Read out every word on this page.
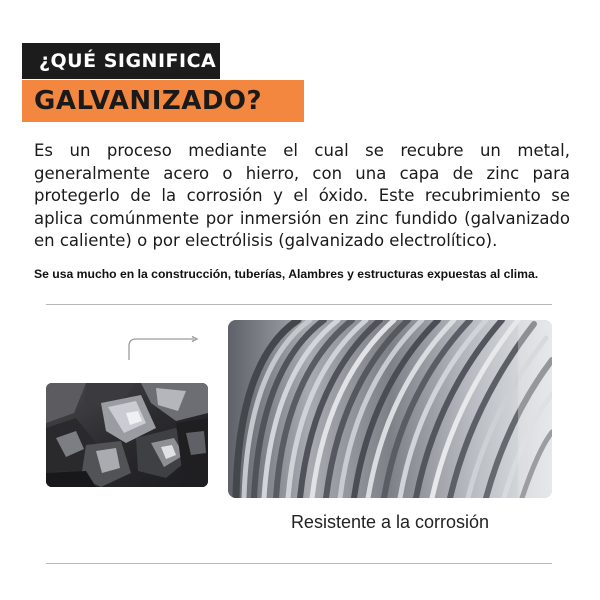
¿QUÉ SIGNIFICA
GALVANIZADO?

Es un proceso mediante el cual se recubre un metal, generalmente acero o hierro, con una capa de zinc para protegerlo de la corrosión y el óxido. Este recubrimiento se aplica comúnmente por inmersión en zinc fundido (galvanizado en caliente) o por electrólisis (galvanizado electrolítico).

Se usa mucho en la construcción, tuberías, Alambres y estructuras expuestas al clima.
Resistente a la corrosión
